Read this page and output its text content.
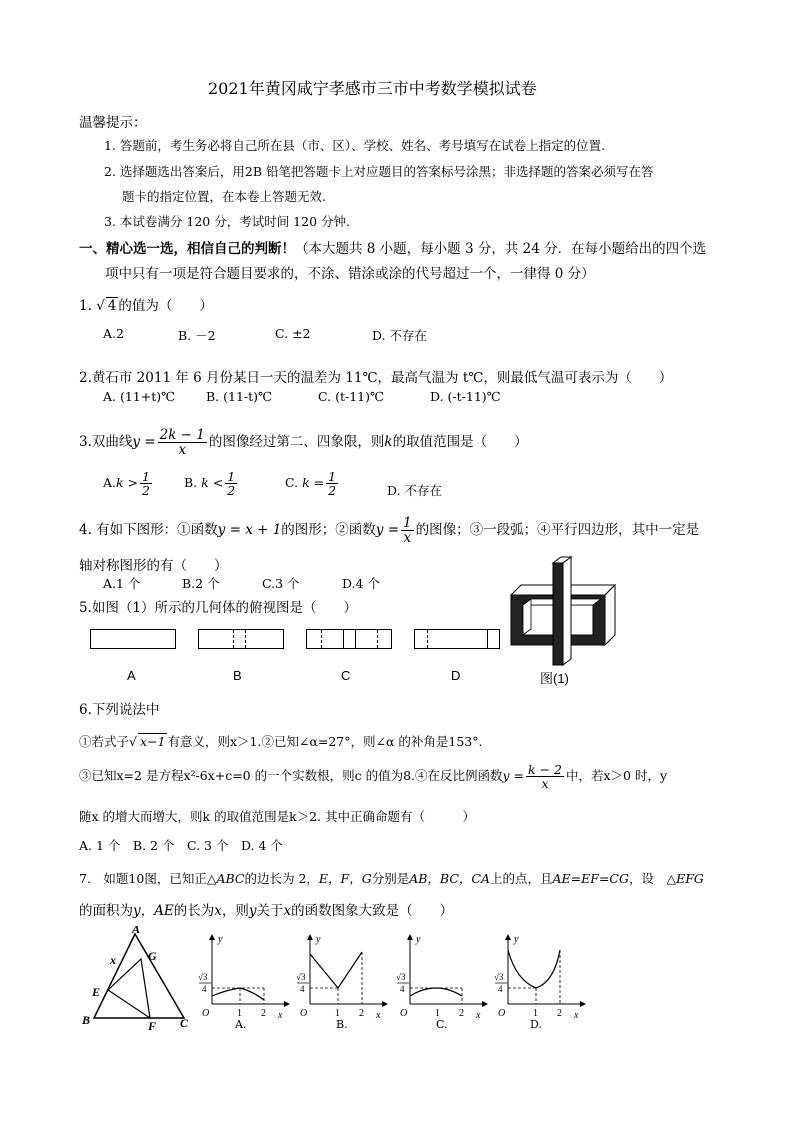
2021年黄冈咸宁孝感市三市中考数学模拟试卷
温馨提示：
1. 答题前，考生务必将自己所在县（市、区）、学校、姓名、考号填写在试卷上指定的位置.
2. 选择题选出答案后，用2B 铅笔把答题卡上对应题目的答案标号涂黑；非选择题的答案必须写在答
题卡的指定位置，在本卷上答题无效.
3. 本试卷满分 120 分，考试时间 120 分钟.
一、精心选一选，相信自己的判断！（本大题共 8 小题，每小题 3 分，共 24 分．在每小题给出的四个选
项中只有一项是符合题目要求的，不涂、错涂或涂的代号超过一个，一律得 0 分）
1. √ 4 的值为（　　）
A.2	B. －2	C. ±2	D. 不存在
2.黄石市 2011 年 6 月份某日一天的温差为 11℃，最高气温为 t℃，则最低气温可表示为（　　）
A. (11+t)℃ B. (11-t)℃	C. (t-11)℃	D. (-t-11)℃
3.双曲线$y = \frac{2k - 1}{x}$ 的图像经过第二、四象限，则k的取值范围是（　　）
$A.k > \frac{1}{2}$	B. $k < \frac{1}{2}$	C. $k = \frac{1}{2}$	D. 不存在
4. 有如下图形：①函数y = x + 1的图形；②函数$y = \frac{1}{x}$ 的图像；③一段弧；④平行四边形，其中一定是
轴对称图形的有（　　）
A.1 个	B.2 个	C.3 个	D.4 个
5.如图（1）所示的几何体的俯视图是（　　）
A	B	C	D	图(1)
6.下列说法中
①若式子√ x−1 有意义，则x＞1.②已知∠α=27°，则∠α 的补角是153°.
③已知x=2 是方程x²-6x+c=0 的一个实数根，则c 的值为8.④在反比例函数$y = \frac{k - 2}{x}$ 中，若x＞0 时，y
随x 的增大而增大，则k 的取值范围是k＞2. 其中正确命题有（　　　）
A. 1 个　B. 2 个　C. 3 个　D. 4 个
7.　如题10图，已知正△ABC的边长为 2，E，F，G分别是AB，BC，CA上的点，且AE=EF=CG，设　△EFG
的面积为y，AE的长为x，则y关于x的函数图象大致是（　　）
A
B	C
E
F
G
x
y
x
O	1 2
√3
4
A.
y
x
O	1 2
√3
4
B.
y
x
O	1 2
√3
4
C.
y
x
O	1 2
√3
4
D.
